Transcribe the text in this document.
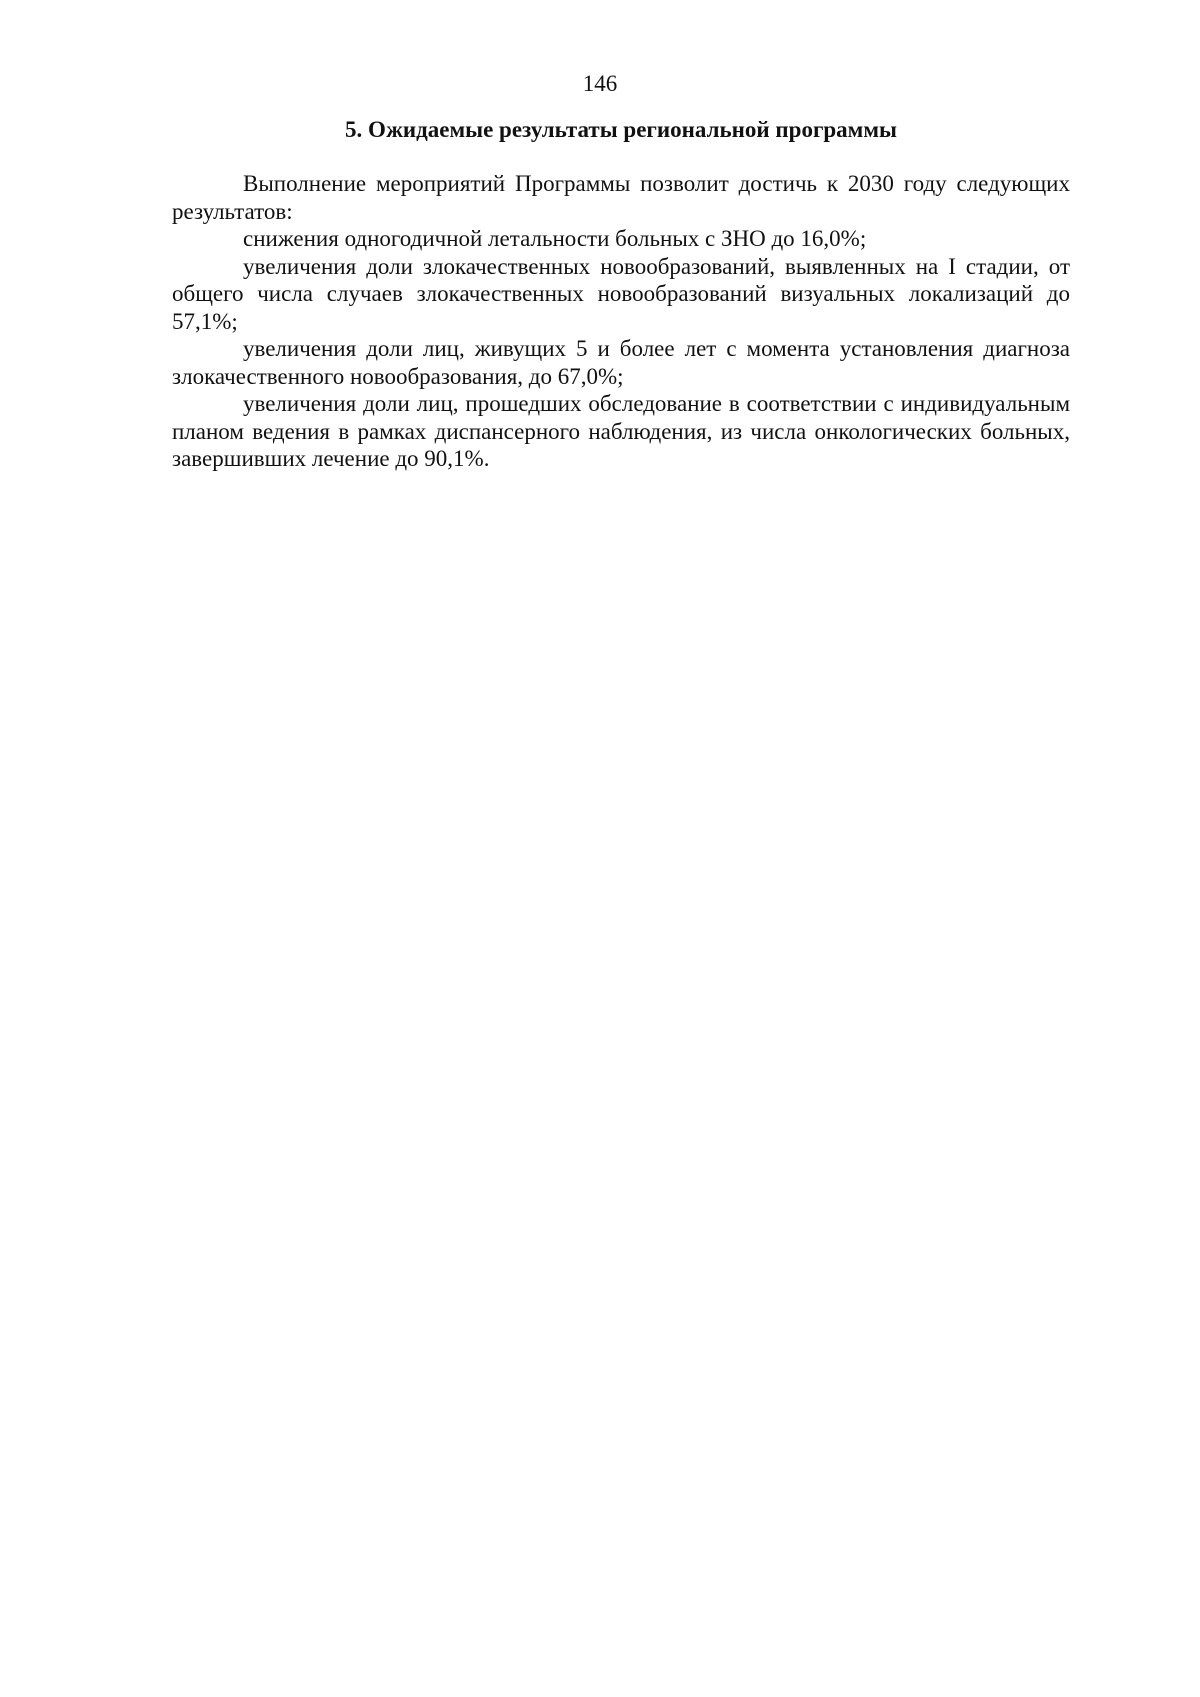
146
5. Ожидаемые результаты региональной программы

Выполнение мероприятий Программы позволит достичь к 2030 году следующих результатов:

снижения одногодичной летальности больных с ЗНО до 16,0%;

увеличения доли злокачественных новообразований, выявленных на I стадии, от общего числа случаев злокачественных новообразований визуальных локализаций до 57,1%;

увеличения доли лиц, живущих 5 и более лет с момента установления диагноза злокачественного новообразования, до 67,0%;

увеличения доли лиц, прошедших обследование в соответствии с индивидуальным планом ведения в рамках диспансерного наблюдения, из числа онкологических больных, завершивших лечение до 90,1%.
